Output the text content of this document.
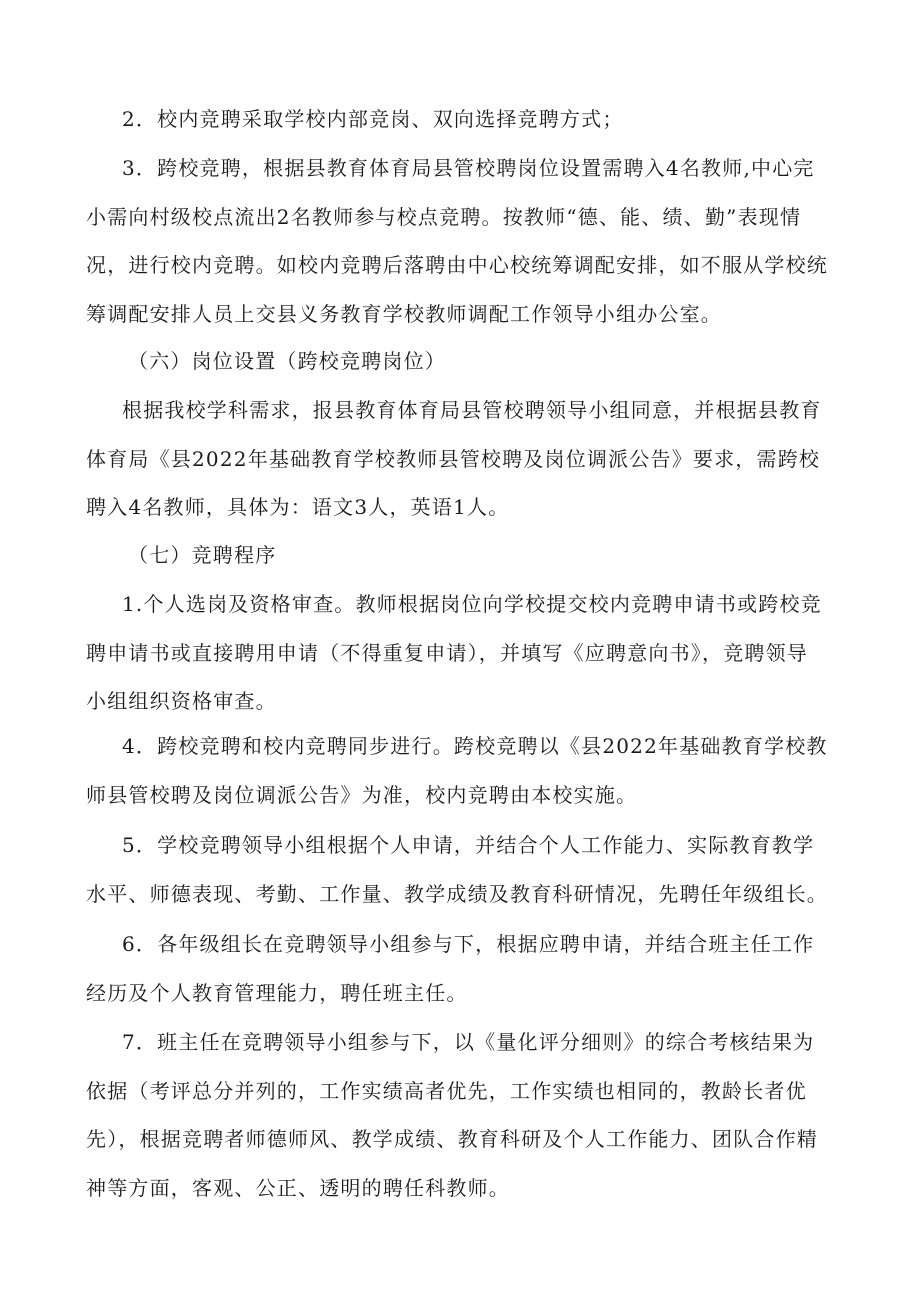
2．校内竞聘采取学校内部竞岗、双向选择竞聘方式；
3．跨校竞聘，根据县教育体育局县管校聘岗位设置需聘入4名教师,中心完
小需向村级校点流出2名教师参与校点竞聘。按教师“德、能、绩、勤”表现情
况，进行校内竞聘。如校内竞聘后落聘由中心校统筹调配安排，如不服从学校统
筹调配安排人员上交县义务教育学校教师调配工作领导小组办公室。
（六）岗位设置（跨校竞聘岗位）
根据我校学科需求，报县教育体育局县管校聘领导小组同意，并根据县教育
体育局《县2022年基础教育学校教师县管校聘及岗位调派公告》要求，需跨校
聘入4名教师，具体为：语文3人，英语1人。
（七）竞聘程序
1.个人选岗及资格审查。教师根据岗位向学校提交校内竞聘申请书或跨校竞
聘申请书或直接聘用申请（不得重复申请），并填写《应聘意向书》，竞聘领导
小组组织资格审查。
4．跨校竞聘和校内竞聘同步进行。跨校竞聘以《县2022年基础教育学校教
师县管校聘及岗位调派公告》为准，校内竞聘由本校实施。
5．学校竞聘领导小组根据个人申请，并结合个人工作能力、实际教育教学
水平、师德表现、考勤、工作量、教学成绩及教育科研情况，先聘任年级组长。
6．各年级组长在竞聘领导小组参与下，根据应聘申请，并结合班主任工作
经历及个人教育管理能力，聘任班主任。
7．班主任在竞聘领导小组参与下，以《量化评分细则》的综合考核结果为
依据（考评总分并列的，工作实绩高者优先，工作实绩也相同的，教龄长者优
先），根据竞聘者师德师风、教学成绩、教育科研及个人工作能力、团队合作精
神等方面，客观、公正、透明的聘任科教师。
